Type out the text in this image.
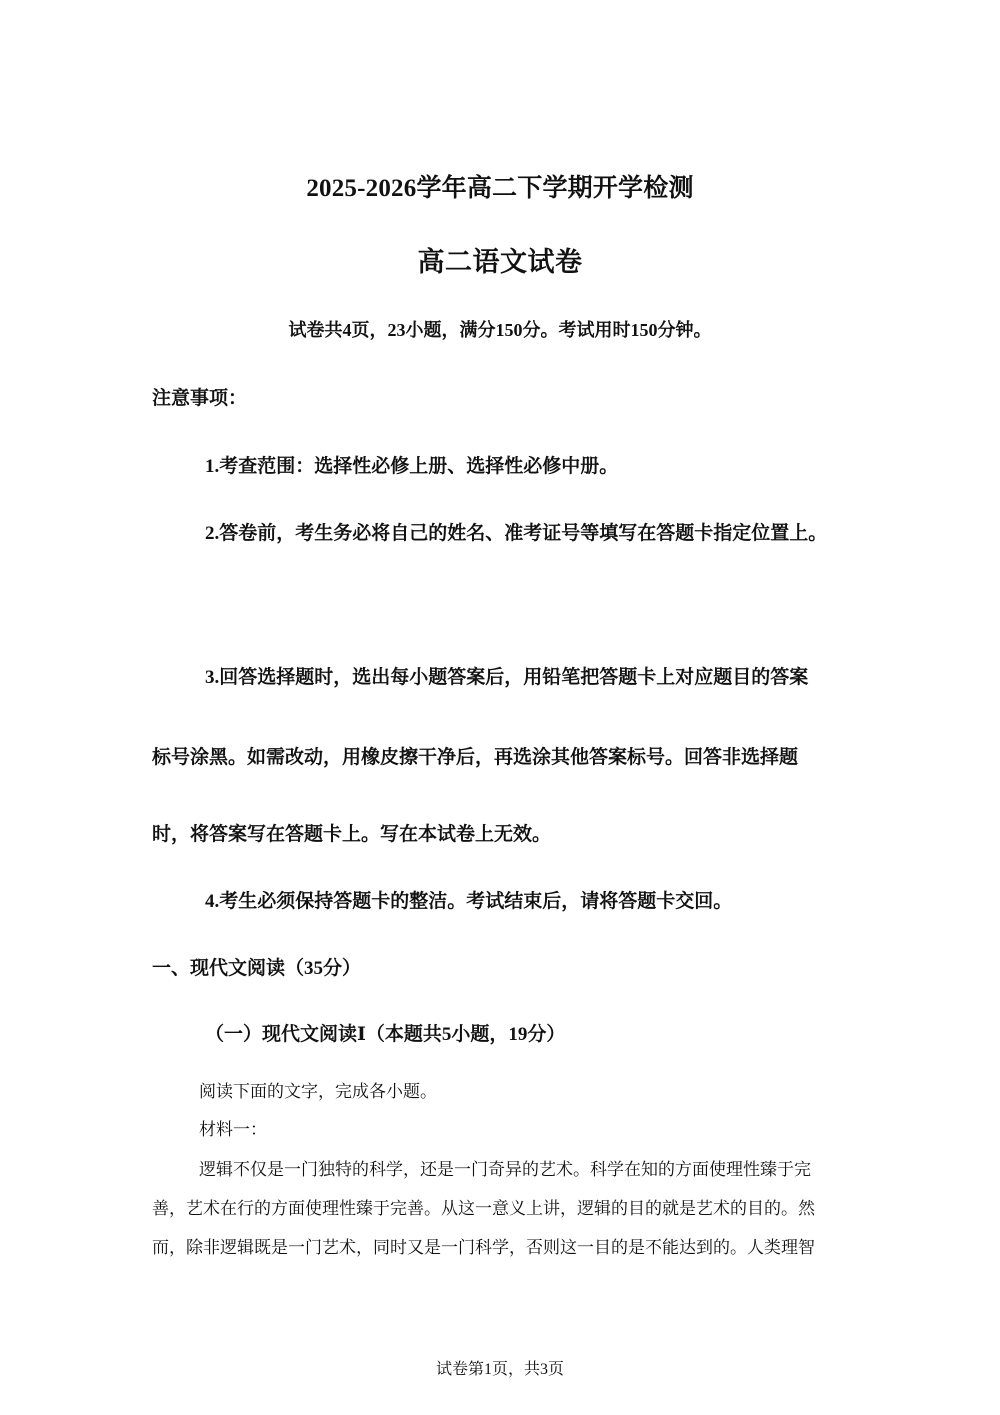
2025-2026学年高二下学期开学检测
高二语文试卷

试卷共4页，23小题，满分150分。考试用时150分钟。

注意事项：

1.考查范围：选择性必修上册、选择性必修中册。

2.答卷前，考生务必将自己的姓名、准考证号等填写在答题卡指定位置上。

3.回答选择题时，选出每小题答案后，用铅笔把答题卡上对应题目的答案

标号涂黑。如需改动，用橡皮擦干净后，再选涂其他答案标号。回答非选择题

时，将答案写在答题卡上。写在本试卷上无效。

4.考生必须保持答题卡的整洁。考试结束后，请将答题卡交回。

一、现代文阅读（35分）

（一）现代文阅读Ⅰ（本题共5小题，19分）

阅读下面的文字，完成各小题。

材料一：

逻辑不仅是一门独特的科学，还是一门奇异的艺术。科学在知的方面使理性臻于完

善，艺术在行的方面使理性臻于完善。从这一意义上讲，逻辑的目的就是艺术的目的。然

而，除非逻辑既是一门艺术，同时又是一门科学，否则这一目的是不能达到的。人类理智

试卷第1页，共3页
